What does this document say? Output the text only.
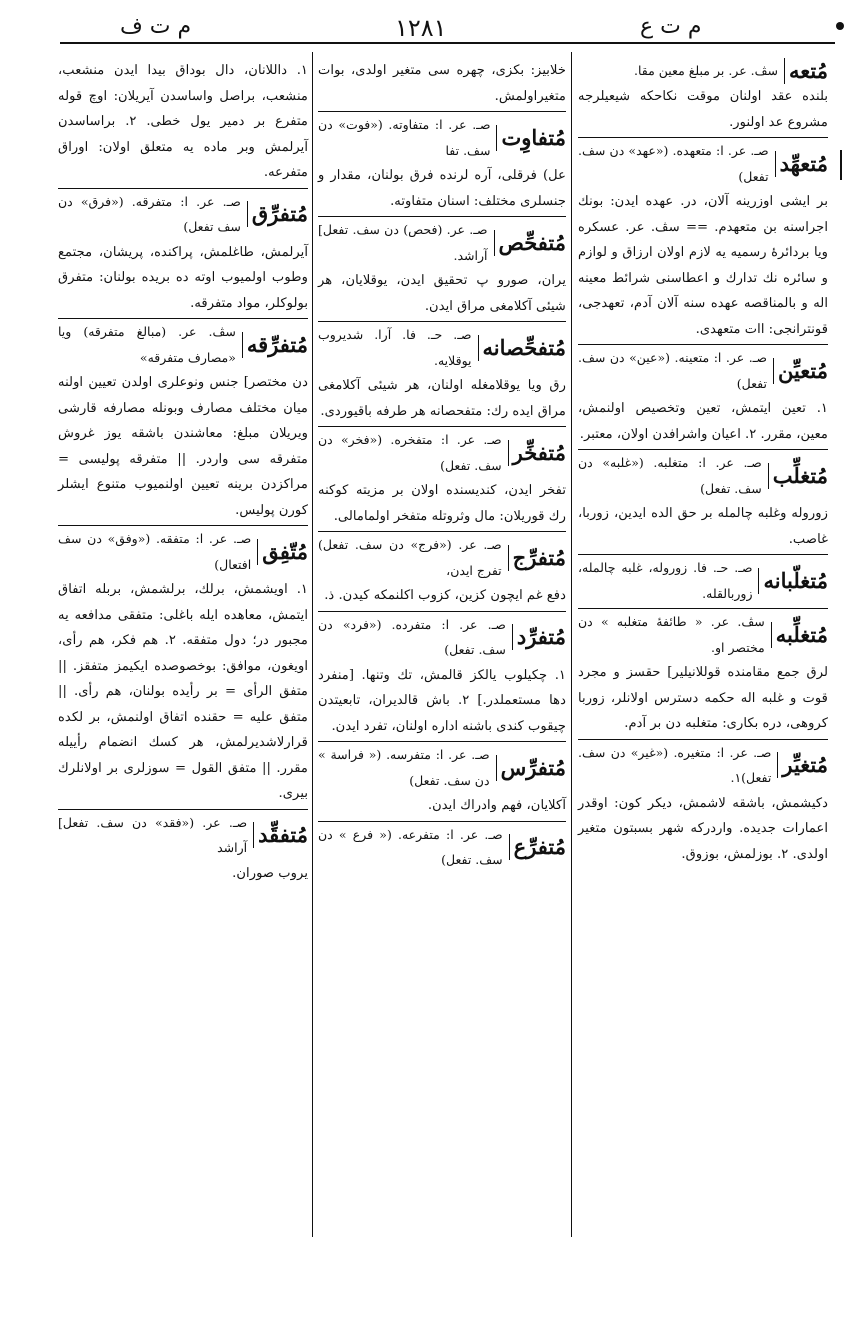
م ت ف	١٢٨١	م ت ع
مُتعه
سڤ. عر. بر مبلغ معین مقا.
بلنده عقد اولنان موقت نکاحکه شیعیلرجه مشروع عد اولنور.
مُتعهِّد
صـ. عر. ا: متعهده. («عهد» دن سف. تفعل)
بر ایشی اوزرینه آلان، در. عهده ایدن: بونك اجراسنه بن متعهدم. == سڤ. عر. عسکره ویا بردائرهٔ رسمیه یه لازم اولان ارزاق و لوازم و سائره نك تدارك و اعطاسنی شرائط معینه اله و بالمناقصه عهده سنه آلان آدم، تعهدجی، قونترانجی: اات متعهدی.
مُتعیِّن
صـ. عر. ا: متعینه. («عین» دن سف. تفعل)
١. تعین ایتمش، تعین وتخصیص اولنمش، معین، مقرر. ٢. اعیان واشرافدن اولان، معتبر.
مُتغلِّب
صـ. عر. ا: متغلبه. («غلبه» دن سف. تفعل)
زوروله وغلبه چالمله بر حق الده ایدین، زوربا، غاصب.
مُتغلّبانه
صـ. حـ. فا. زوروله، غلبه چالمله، زوربالقله.
مُتغلِّبه
سڤ. عر. « طائفهٔ متغلبه » دن مختصر او.
لرق جمع مقامنده قوللانیلیر] حقسز و مجرد قوت و غلبه اله حکمه دسترس اولانلر، زوربا کروهی، دره بکاری: متغلبه دن بر آدم.
مُتغیِّر
صـ. عر. ا: متغیره. («غیر» دن سف. تفعل)١.
دکیشمش، باشقه لاشمش، دیکر کون: اوقدر اعمارات جدیده. واردرکه شهر بسبتون متغیر اولدی. ٢. بوزلمش، بوزوق.
خلابیز: بکزی، چهره سی متغیر اولدی، بوات متغیراولمش.
مُتفاوِت
صـ. عر. ا: متفاوته. («فوت» دن سف. تفا
عل) فرقلی، آره لرنده فرق بولنان، مقدار و جنسلری مختلف: اسنان متفاوته.
مُتفحِّص
صـ. عر. (فحص) دن سف. تفعل] آراشد.
یران، صورو پ تحقیق ایدن، یوقلایان، هر شیئی آکلامغی مراق ایدن.
مُتفحِّصانه
صـ. حـ. فا. آرا. شدیروب یوقلایه.
رق ویا یوقلامغله اولنان، هر شیئی آکلامغی مراق ایده رك: متفحصانه هر طرفه باقیوردی.
مُتفخِّر
صـ. عر. ا: متفخره. («فخر» دن سف. تفعل)
تفخر ایدن، کندیسنده اولان بر مزیته کوکنه رك قوریلان: مال وثروتله متفخر اولمامالی.
مُتفرِّج
صـ. عر. («فرج» دن سف. تفعل) تفرج ایدن،
دفع غم ایچون کزین، کزوب اکلنمکه کیدن. ذ.
مُتفرِّد
صـ. عر. ا: متفرده. («فرد» دن سف. تفعل)
١. چکیلوب یالکز قالمش، تك وتنها. [منفرد دها مستعملدر.] ٢. باش قالدیران، تابعیتدن چیقوب کندی باشنه اداره اولنان، تفرد ایدن.
مُتفرِّس
صـ. عر. ا: متفرسه. (« فراسة » دن سف. تفعل)
آکلایان، فهم وادراك ایدن.
مُتفرِّع
صـ. عر. ا: متفرعه. (« فرع » دن سف. تفعل)
١. داللانان، دال بوداق بیدا ایدن منشعب، منشعب، براصل واساسدن آیریلان: اوچ قوله متفرع بر دمیر یول خطی. ٢. براساسدن آیرلمش وبر ماده یه متعلق اولان: اوراق متفرعه.
مُتفرِّق
صـ. عر. ا: متفرقه. («فرق» دن سف تفعل)
آیرلمش، طاغلمش، پراکنده، پریشان، مجتمع وطوب اولمیوب اوته ده بریده بولنان: متفرق بولوکلر، مواد متفرقه.
مُتفرِّقه
سڤ. عر. (مبالغ متفرقه) ویا «مصارف متفرقه»
دن مختصر] جنس ونوعلری اولدن تعیین اولنه میان مختلف مصارف وبونله مصارفه قارشی ویریلان مبلغ: معاشندن باشقه یوز غروش متفرقه سی واردر. || متفرقه پولیسی = مراکزدن برینه تعیین اولنمیوب متنوع ایشلر کورن پولیس.
مُتّفِق
صـ. عر. ا: متفقه. («وفق» دن سف افتعال)
١. اویشمش، برلك، برلشمش، بربله اتفاق ایتمش، معاهده ایله باغلی: متفقی مدافعه یه مجبور در؛ دول متفقه. ٢. هم فکر، هم رأی، اویغون، موافق: بوخصوصده ایکیمز متفقز. || متفق الرأی = بر رأیده بولنان، هم رأی. || متفق علیه = حقنده اتفاق اولنمش، بر لکده قرارلاشدیرلمش، هر کسك انضمام رأییله مقرر. || متفق القول = سوزلری بر اولانلرك بیری.
مُتفقِّد
صـ. عر. («فقد» دن سف. تفعل] آراشد
یروب صوران.
